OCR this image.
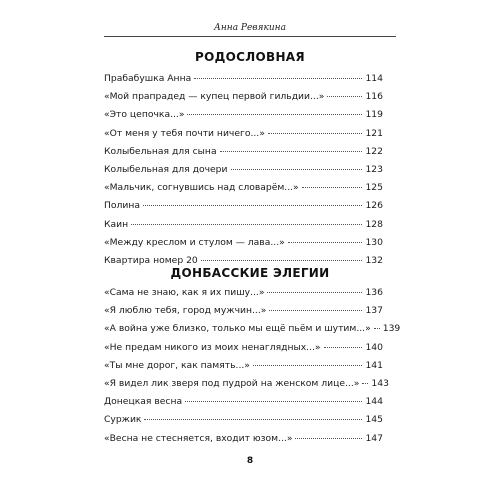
Анна Ревякина
РОДОСЛОВНАЯ
Прабабушка Анна	114
«Мой прапрадед — купец первой гильдии...»	116
«Это цепочка...»	119
«От меня у тебя почти ничего...»	121
Колыбельная для сына	122
Колыбельная для дочери	123
«Мальчик, согнувшись над словарём...»	125
Полина	126
Каин	128
«Между креслом и стулом — лава...»	130
Квартира номер 20	132
ДОНБАССКИЕ ЭЛЕГИИ
«Сама не знаю, как я их пишу...»	136
«Я люблю тебя, город мужчин...»	137
«А война уже близко, только мы ещё пьём и шутим...» 139
«Не предам никого из моих ненаглядных...»	140
«Ты мне дорог, как память...»	141
«Я видел лик зверя под пудрой на женском лице...» 143
Донецкая весна	144
Суржик	145
«Весна не стесняется, входит юзом...»	147
8
